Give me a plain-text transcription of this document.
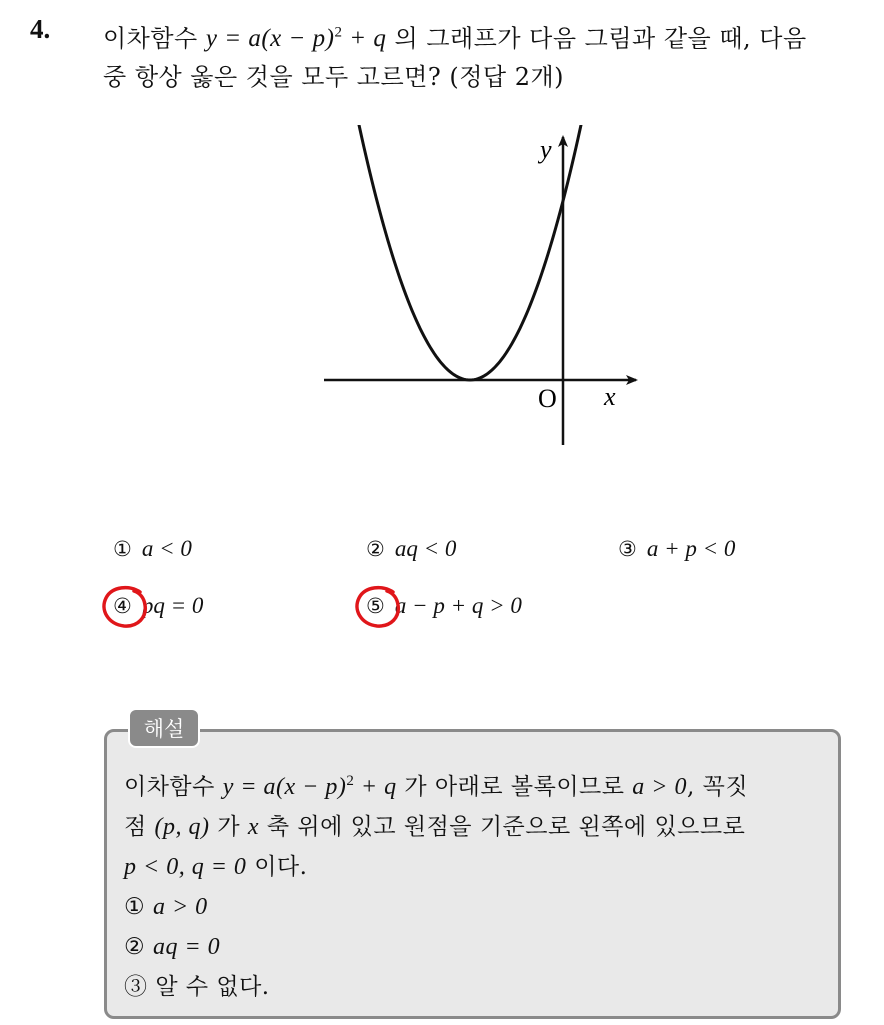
4. 이차함수 $y = a(x - p)^2 + q$ 의 그래프가 다음 그림과 같을 때, 다음
중 항상 옳은 것을 모두 고르면? (정답 2개)
y
x
O
① a < 0	② aq < 0	③ a + p < 0
④ pq = 0	⑤ a − p + q > 0
해설
이차함수 $y = a(x - p)^2 + q$ 가 아래로 볼록이므로 a > 0, 꼭짓
점 (p, q) 가 x 축 위에 있고 원점을 기준으로 왼쪽에 있으므로
p < 0, q = 0 이다.
① a > 0
② aq = 0
③ 알 수 없다.
